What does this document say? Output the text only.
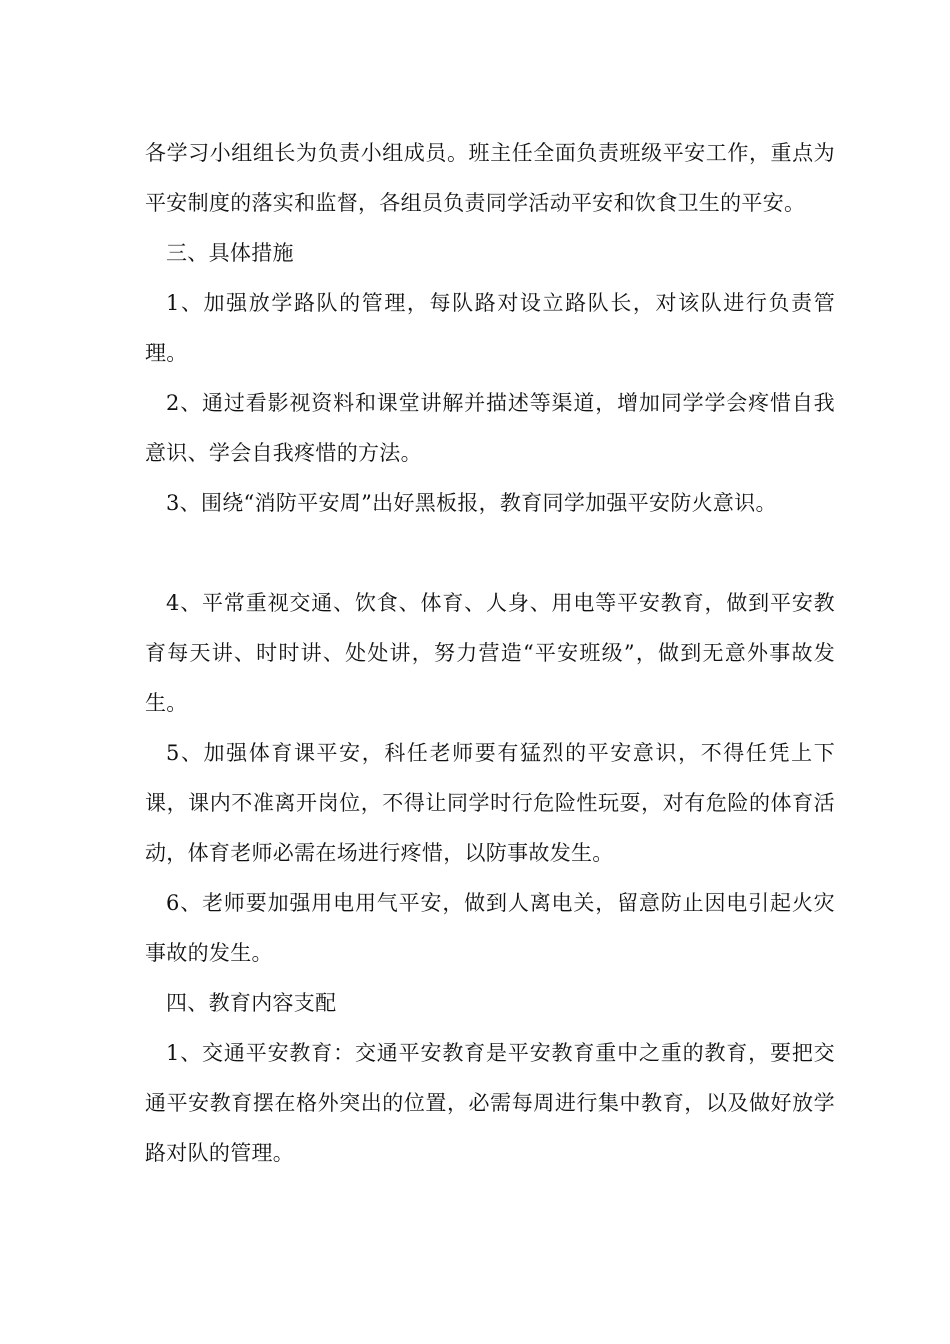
各学习小组组长为负责小组成员。班主任全面负责班级平安工作，重点为平安制度的落实和监督，各组员负责同学活动平安和饮食卫生的平安。

三、具体措施

1、加强放学路队的管理，每队路对设立路队长，对该队进行负责管理。

2、通过看影视资料和课堂讲解并描述等渠道，增加同学学会疼惜自我意识、学会自我疼惜的方法。

3、围绕“消防平安周”出好黑板报，教育同学加强平安防火意识。

4、平常重视交通、饮食、体育、人身、用电等平安教育，做到平安教育每天讲、时时讲、处处讲，努力营造“平安班级”，做到无意外事故发生。

5、加强体育课平安，科任老师要有猛烈的平安意识，不得任凭上下课，课内不准离开岗位，不得让同学时行危险性玩耍，对有危险的体育活动，体育老师必需在场进行疼惜，以防事故发生。

6、老师要加强用电用气平安，做到人离电关，留意防止因电引起火灾事故的发生。

四、教育内容支配

1、交通平安教育：交通平安教育是平安教育重中之重的教育，要把交通平安教育摆在格外突出的位置，必需每周进行集中教育，以及做好放学路对队的管理。
